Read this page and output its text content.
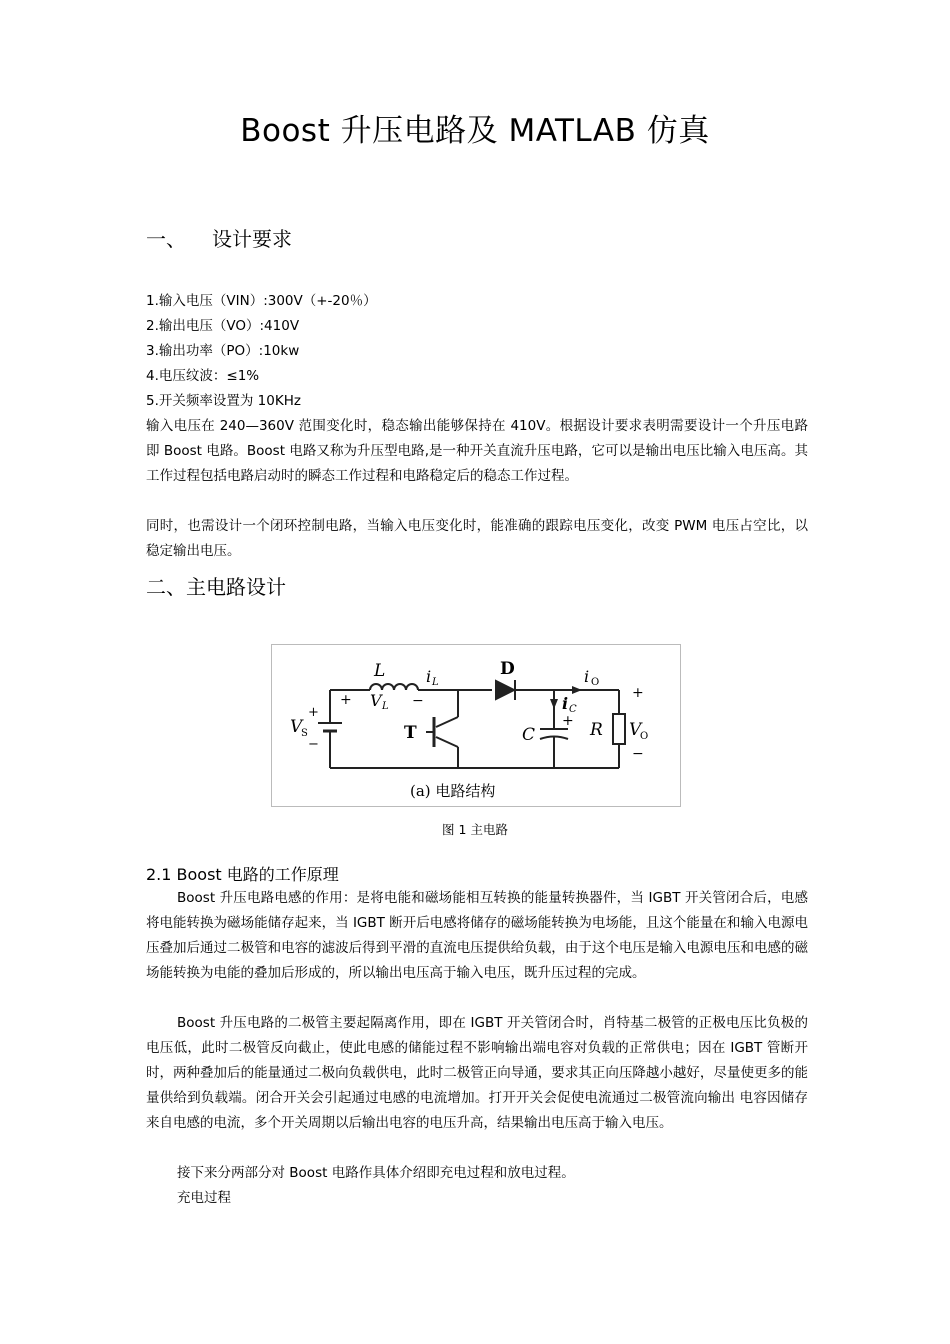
Boost 升压电路及 MATLAB 仿真
一、 设计要求
1.输入电压（VIN）:300V（+-20％）
2.输出电压（VO）:410V
3.输出功率（PO）:10kw
4.电压纹波：≤1%
5.开关频率设置为 10KHz
输入电压在 240—360V 范围变化时，稳态输出能够保持在 410V。根据设计要求表明需要设计一个升压电路即 Boost 电路。Boost 电路又称为升压型电路,是一种开关直流升压电路，它可以是输出电压比输入电压高。其工作过程包括电路启动时的瞬态工作过程和电路稳定后的稳态工作过程。
同时，也需设计一个闭环控制电路，当输入电压变化时，能准确的跟踪电压变化，改变 PWM 电压占空比，以稳定输出电压。
二、主电路设计
L
V L
i L
D	i O
i C
+
T	C	R
+
V
O
−
+
V
S
−
+	−
(a) 电路结构
图 1 主电路
2.1 Boost 电路的工作原理
Boost 升压电路电感的作用：是将电能和磁场能相互转换的能量转换器件，当 IGBT 开关管闭合后，电感将电能转换为磁场能储存起来，当 IGBT 断开后电感将储存的磁场能转换为电场能，且这个能量在和输入电源电压叠加后通过二极管和电容的滤波后得到平滑的直流电压提供给负载，由于这个电压是输入电源电压和电感的磁场能转换为电能的叠加后形成的，所以输出电压高于输入电压，既升压过程的完成。
Boost 升压电路的二极管主要起隔离作用，即在 IGBT 开关管闭合时，肖特基二极管的正极电压比负极的电压低，此时二极管反向截止，使此电感的储能过程不影响输出端电容对负载的正常供电；因在 IGBT 管断开时，两种叠加后的能量通过二极向负载供电，此时二极管正向导通，要求其正向压降越小越好，尽量使更多的能量供给到负载端。闭合开关会引起通过电感的电流增加。打开开关会促使电流通过二极管流向输出 电容因储存来自电感的电流，多个开关周期以后输出电容的电压升高，结果输出电压高于输入电压。
接下来分两部分对 Boost 电路作具体介绍即充电过程和放电过程。
充电过程
